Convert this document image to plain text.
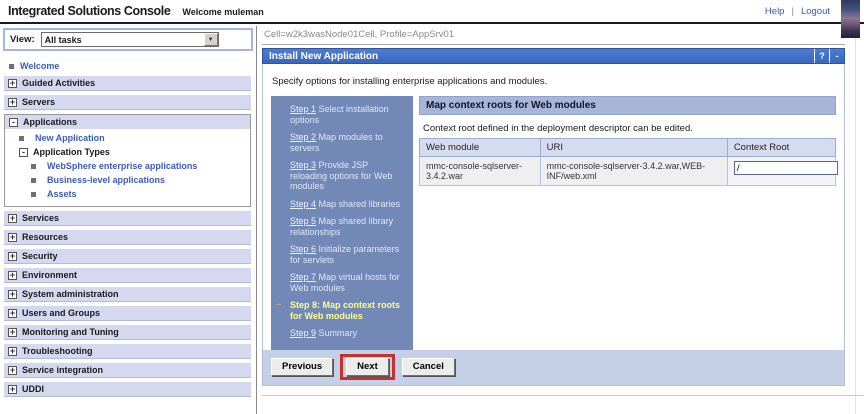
Integrated Solutions Console Welcome muleman	Help | Logout
View:	All tasks	▼
Welcome
+ Guided Activities
+ Servers
- Applications
New Application
- Application Types
WebSphere enterprise applications
Business-level applications
Assets
+ Services
+ Resources
+ Security
+ Environment
+ System administration
+ Users and Groups
+ Monitoring and Tuning
+ Troubleshooting
+ Service integration
+ UDDI
Cell=w2k3wasNode01Cell, Profile=AppSrv01
Install New Application	?	-
Specify options for installing enterprise applications and modules.
Step 1 Select installation options
Step 2 Map modules to servers
Step 3 Provide JSP reloading options for Web modules
Step 4 Map shared libraries
Step 5 Map shared library relationships
Step 6 Initialize parameters for servlets
Step 7 Map virtual hosts for Web modules
→ Step 8: Map context roots for Web modules
Step 9 Summary
Map context roots for Web modules
Context root defined in the deployment descriptor can be edited.
Web module	URI	Context Root
mmc-console-sqlserver-3.4.2.war	mmc-console-sqlserver-3.4.2.war,WEB-INF/web.xml	/
Previous	Next	Cancel
